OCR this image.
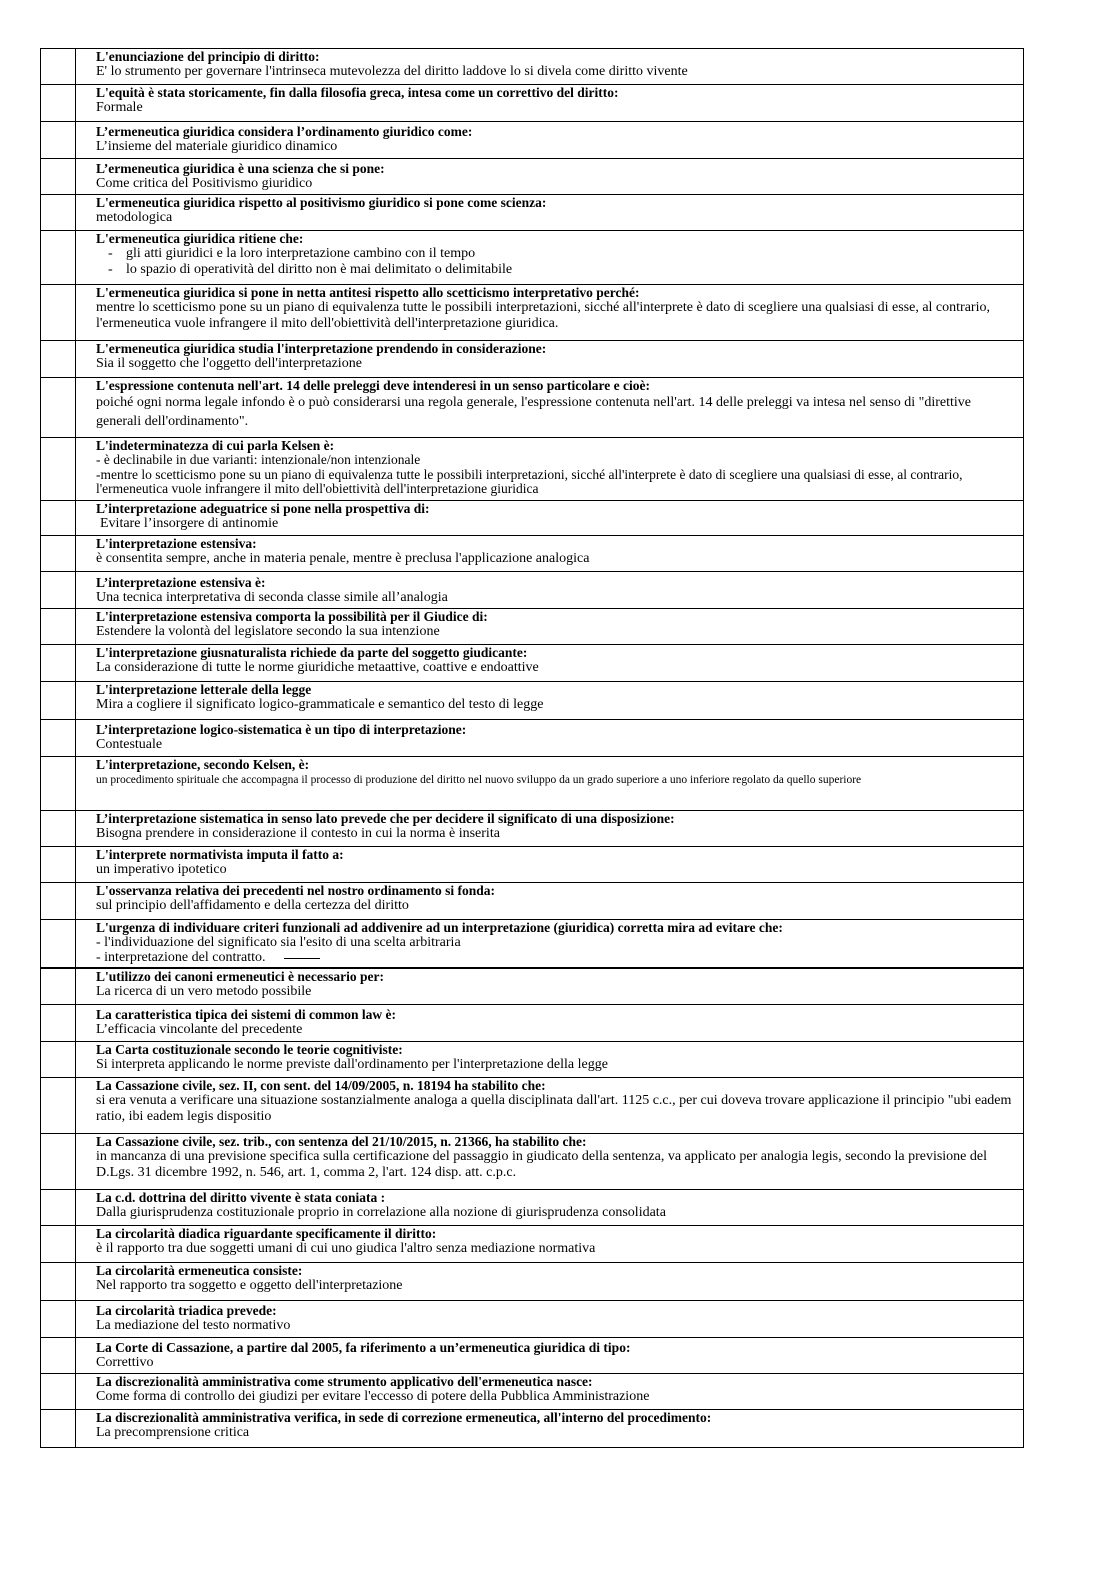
	L'enunciazione del principio di diritto:
E' lo strumento per governare l'intrinseca mutevolezza del diritto laddove lo si divela come diritto vivente

	L'equità è stata storicamente, fin dalla filosofia greca, intesa come un correttivo del diritto:
Formale

	L’ermeneutica giuridica considera l’ordinamento giuridico come:
L’insieme del materiale giuridico dinamico

	L’ermeneutica giuridica è una scienza che si pone:
Come critica del Positivismo giuridico

	L'ermeneutica giuridica rispetto al positivismo giuridico si pone come scienza:
metodologica

	L'ermeneutica giuridica ritiene che:
- gli atti giuridici e la loro interpretazione cambino con il tempo
- lo spazio di operatività del diritto non è mai delimitato o delimitabile

	L'ermeneutica giuridica si pone in netta antitesi rispetto allo scetticismo interpretativo perché:
mentre lo scetticismo pone su un piano di equivalenza tutte le possibili interpretazioni, sicché all'interprete è dato di scegliere una qualsiasi di esse, al contrario, l'ermeneutica vuole infrangere il mito dell'obiettività dell'interpretazione giuridica.

	L'ermeneutica giuridica studia l'interpretazione prendendo in considerazione:
Sia il soggetto che l'oggetto dell'interpretazione

	L'espressione contenuta nell'art. 14 delle preleggi deve intenderesi in un senso particolare e cioè:
poiché ogni norma legale infondo è o può considerarsi una regola generale, l'espressione contenuta nell'art. 14 delle preleggi va intesa nel senso di "direttive generali dell'ordinamento".

	L'indeterminatezza di cui parla Kelsen è:
- è declinabile in due varianti: intenzionale/non intenzionale
-mentre lo scetticismo pone su un piano di equivalenza tutte le possibili interpretazioni, sicché all'interprete è dato di scegliere una qualsiasi di esse, al contrario, l'ermeneutica vuole infrangere il mito dell'obiettività dell'interpretazione giuridica

	L’interpretazione adeguatrice si pone nella prospettiva di:
Evitare l’insorgere di antinomie

	L'interpretazione estensiva:
è consentita sempre, anche in materia penale, mentre è preclusa l'applicazione analogica

	L’interpretazione estensiva è:
Una tecnica interpretativa di seconda classe simile all’analogia

	L'interpretazione estensiva comporta la possibilità per il Giudice di:
Estendere la volontà del legislatore secondo la sua intenzione

	L'interpretazione giusnaturalista richiede da parte del soggetto giudicante:
La considerazione di tutte le norme giuridiche metaattive, coattive e endoattive

	L'interpretazione letterale della legge
Mira a cogliere il significato logico-grammaticale e semantico del testo di legge

	L’interpretazione logico-sistematica è un tipo di interpretazione:
Contestuale

	L'interpretazione, secondo Kelsen, è:
un procedimento spirituale che accompagna il processo di produzione del diritto nel nuovo sviluppo da un grado superiore a uno inferiore regolato da quello superiore

	L’interpretazione sistematica in senso lato prevede che per decidere il significato di una disposizione:
Bisogna prendere in considerazione il contesto in cui la norma è inserita

	L'interprete normativista imputa il fatto a:
un imperativo ipotetico

	L'osservanza relativa dei precedenti nel nostro ordinamento si fonda:
sul principio dell'affidamento e della certezza del diritto

	L'urgenza di individuare criteri funzionali ad addivenire ad un interpretazione (giuridica) corretta mira ad evitare che:
- l'individuazione del significato sia l'esito di una scelta arbitraria
- interpretazione del contratto.

	L'utilizzo dei canoni ermeneutici è necessario per:
La ricerca di un vero metodo possibile

	La caratteristica tipica dei sistemi di common law è:
L’efficacia vincolante del precedente

	La Carta costituzionale secondo le teorie cognitiviste:
Si interpreta applicando le norme previste dall'ordinamento per l'interpretazione della legge

	La Cassazione civile, sez. II, con sent. del 14/09/2005, n. 18194 ha stabilito che:
si era venuta a verificare una situazione sostanzialmente analoga a quella disciplinata dall'art. 1125 c.c., per cui doveva trovare applicazione il principio "ubi eadem ratio, ibi eadem legis dispositio

	La Cassazione civile, sez. trib., con sentenza del 21/10/2015, n. 21366, ha stabilito che:
in mancanza di una previsione specifica sulla certificazione del passaggio in giudicato della sentenza, va applicato per analogia legis, secondo la previsione del D.Lgs. 31 dicembre 1992, n. 546, art. 1, comma 2, l'art. 124 disp. att. c.p.c.

	La c.d. dottrina del diritto vivente è stata coniata :
Dalla giurisprudenza costituzionale proprio in correlazione alla nozione di giurisprudenza consolidata

	La circolarità diadica riguardante specificamente il diritto:
è il rapporto tra due soggetti umani di cui uno giudica l'altro senza mediazione normativa

	La circolarità ermeneutica consiste:
Nel rapporto tra soggetto e oggetto dell'interpretazione

	La circolarità triadica prevede:
La mediazione del testo normativo

	La Corte di Cassazione, a partire dal 2005, fa riferimento a un’ermeneutica giuridica di tipo:
Correttivo

	La discrezionalità amministrativa come strumento applicativo dell'ermeneutica nasce:
Come forma di controllo dei giudizi per evitare l'eccesso di potere della Pubblica Amministrazione

	La discrezionalità amministrativa verifica, in sede di correzione ermeneutica, all'interno del procedimento:
La precomprensione critica
